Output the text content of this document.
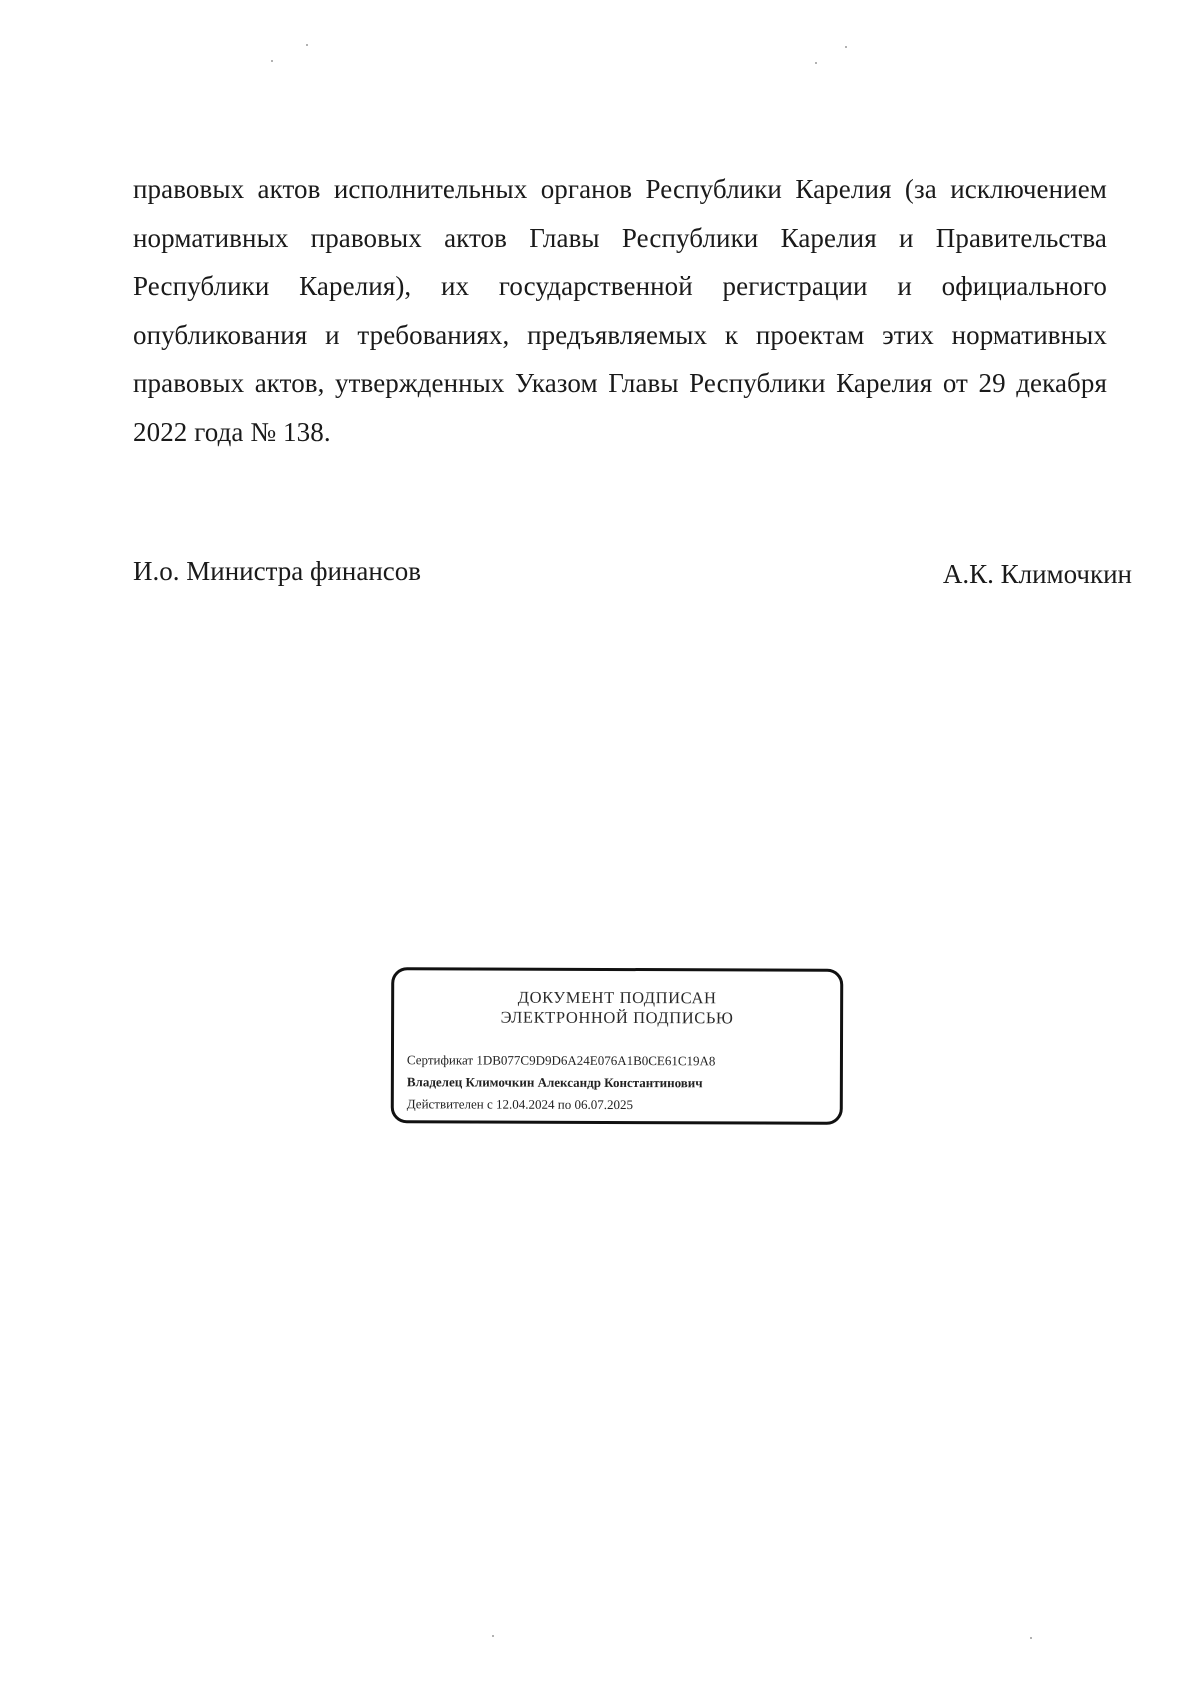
правовых актов исполнительных органов Республики Карелия (за исключением нормативных правовых актов Главы Республики Карелия и Правительства Республики Карелия), их государственной регистрации и официального опубликования и требованиях, предъявляемых к проектам этих нормативных правовых актов, утвержденных Указом Главы Республики Карелия от 29 декабря 2022 года № 138.

И.о. Министра финансов	А.К. Климочкин
ДОКУМЕНТ ПОДПИСАН
ЭЛЕКТРОННОЙ ПОДПИСЬЮ
Сертификат 1DB077C9D9D6A24E076A1B0CE61C19A8
Владелец Климочкин Александр Константинович
Действителен с 12.04.2024 по 06.07.2025
